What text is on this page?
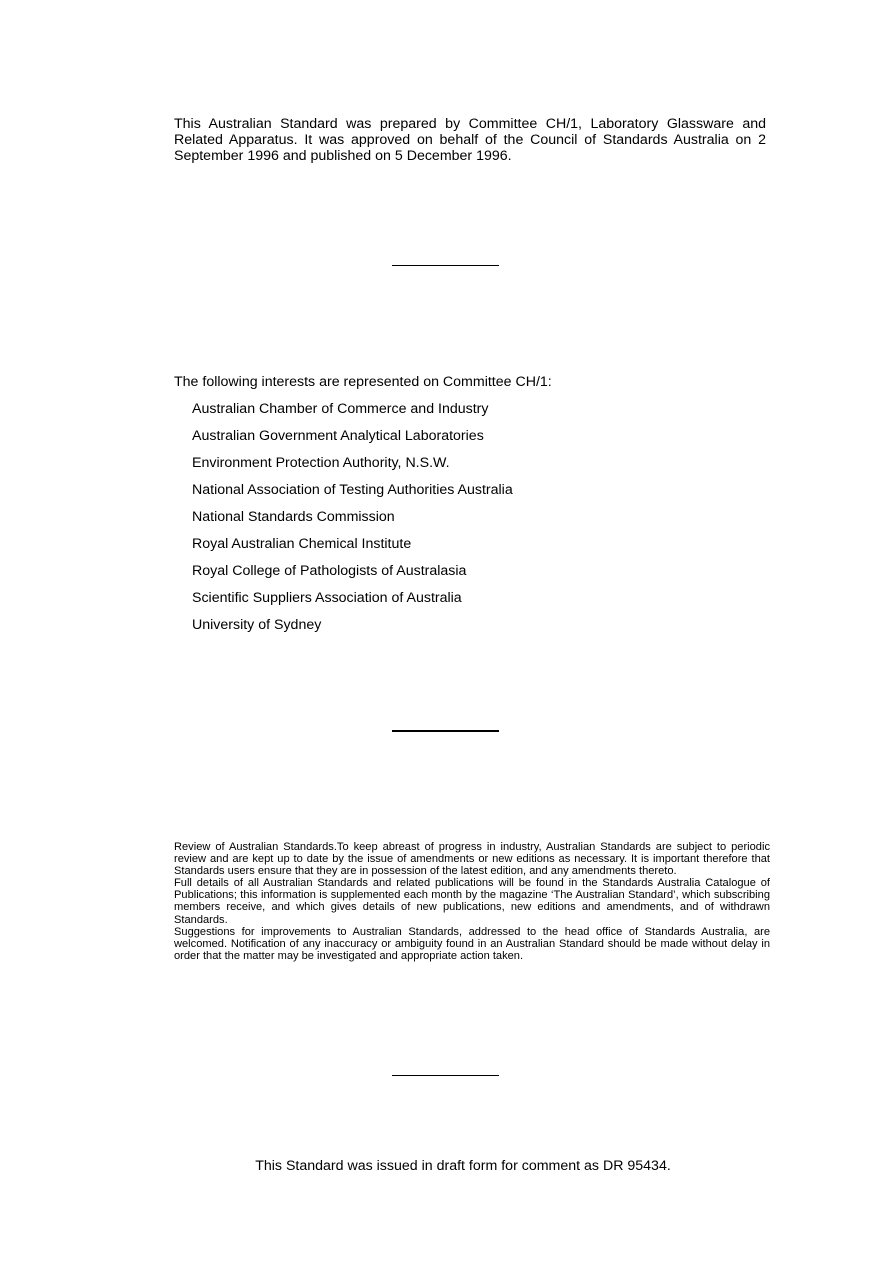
This Australian Standard was prepared by Committee CH/1, Laboratory Glassware and Related Apparatus. It was approved on behalf of the Council of Standards Australia on 2 September 1996 and published on 5 December 1996.
The following interests are represented on Committee CH/1:
Australian Chamber of Commerce and Industry
Australian Government Analytical Laboratories
Environment Protection Authority, N.S.W.
National Association of Testing Authorities Australia
National Standards Commission
Royal Australian Chemical Institute
Royal College of Pathologists of Australasia
Scientific Suppliers Association of Australia
University of Sydney

Review of Australian Standards.To keep abreast of progress in industry, Australian Standards are subject to periodic review and are kept up to date by the issue of amendments or new editions as necessary. It is important therefore that Standards users ensure that they are in possession of the latest edition, and any amendments thereto.

Full details of all Australian Standards and related publications will be found in the Standards Australia Catalogue of Publications; this information is supplemented each month by the magazine ‘The Australian Standard’, which subscribing members receive, and which gives details of new publications, new editions and amendments, and of withdrawn Standards.

Suggestions for improvements to Australian Standards, addressed to the head office of Standards Australia, are welcomed. Notification of any inaccuracy or ambiguity found in an Australian Standard should be made without delay in order that the matter may be investigated and appropriate action taken.

This Standard was issued in draft form for comment as DR 95434.
